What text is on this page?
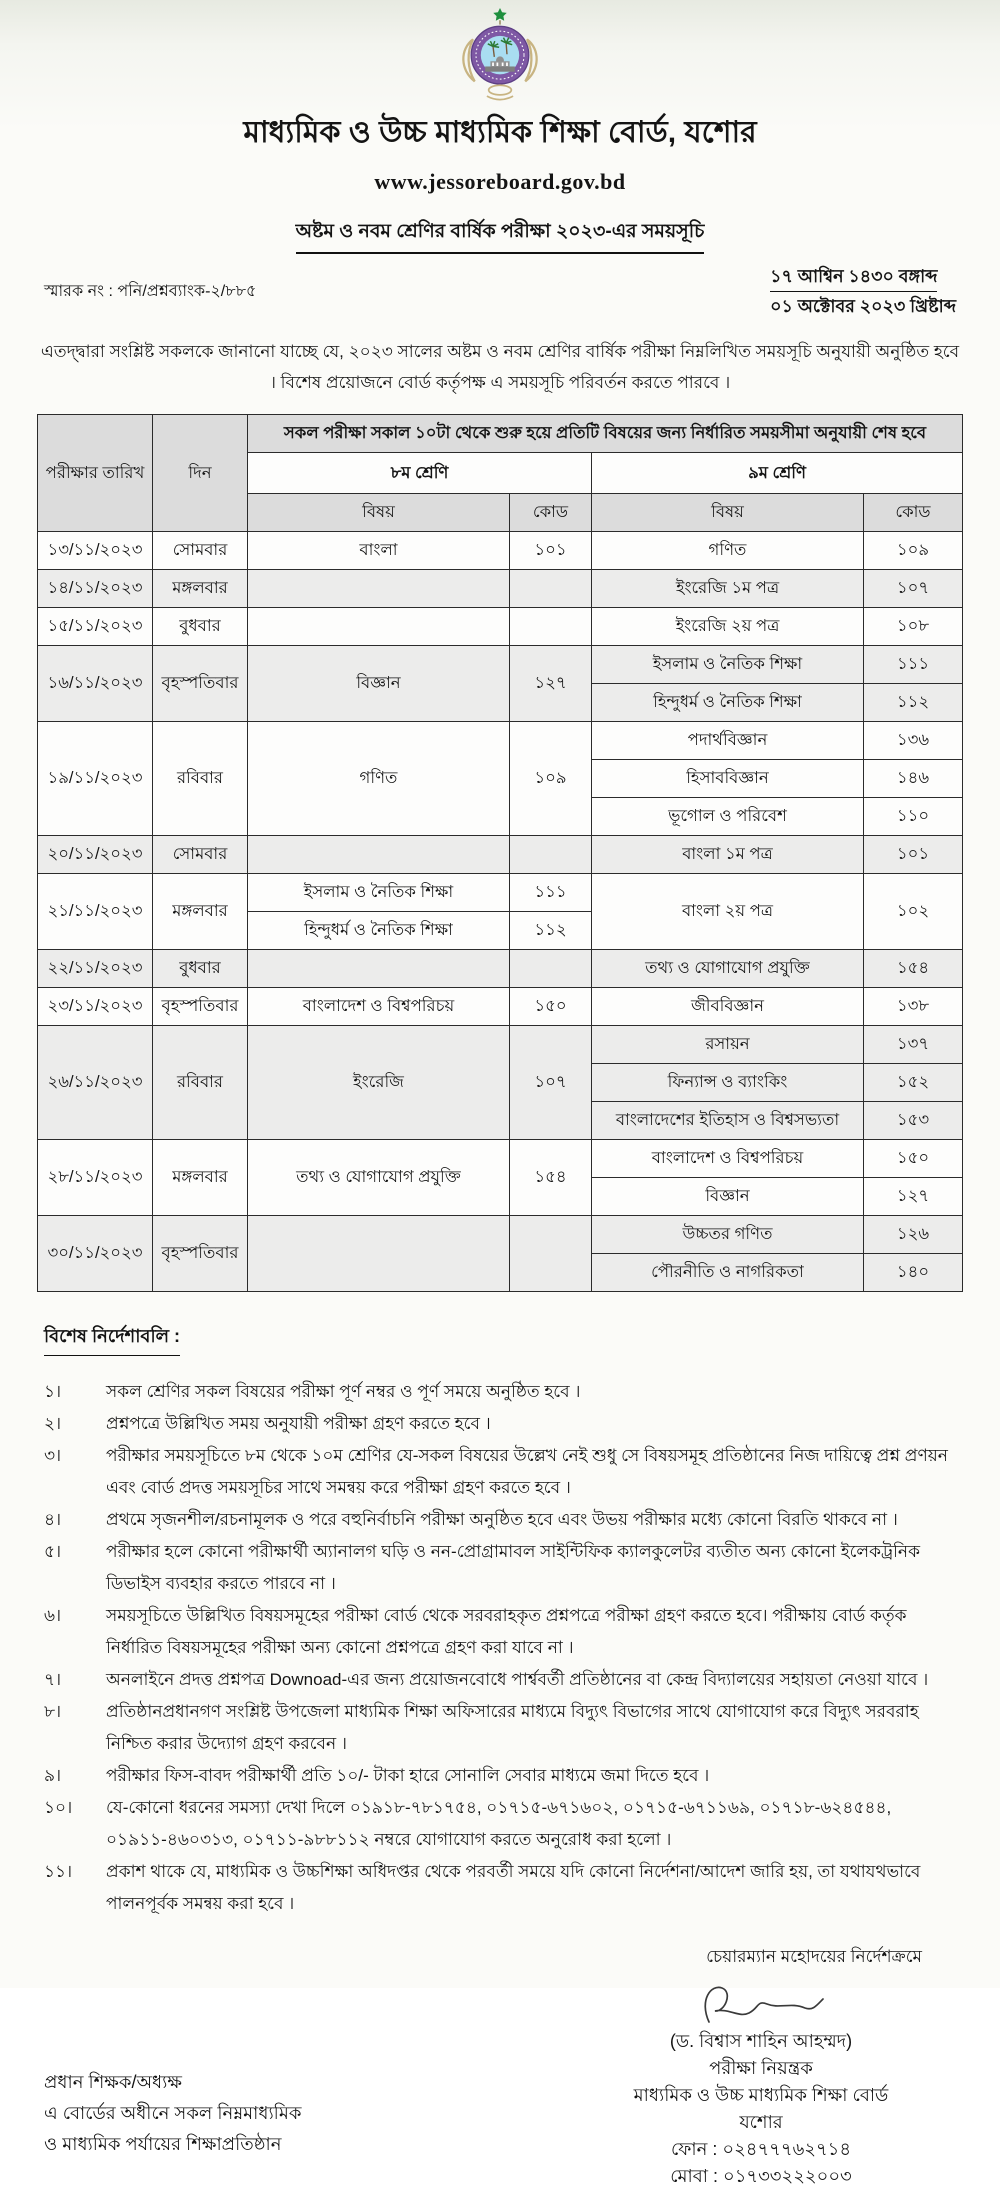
মাধ্যমিক ও উচ্চ মাধ্যমিক শিক্ষা বোর্ড, যশোর
www.jessoreboard.gov.bd
অষ্টম ও নবম শ্রেণির বার্ষিক পরীক্ষা ২০২৩-এর সময়সূচি
স্মারক নং : পনি/প্রশ্নব্যাংক-২/৮৮৫
১৭ আশ্বিন ১৪৩০ বঙ্গাব্দ
০১ অক্টোবর ২০২৩ খ্রিষ্টাব্দ
এতদ্দ্বারা সংশ্লিষ্ট সকলকে জানানো যাচ্ছে যে, ২০২৩ সালের অষ্টম ও নবম শ্রেণির বার্ষিক পরীক্ষা নিম্নলিখিত সময়সূচি অনুযায়ী অনুষ্ঠিত হবে । বিশেষ প্রয়োজনে বোর্ড কর্তৃপক্ষ এ সময়সূচি পরিবর্তন করতে পারবে ।
পরীক্ষার তারিখ	দিন	সকল পরীক্ষা সকাল ১০টা থেকে শুরু হয়ে প্রতিটি বিষয়ের জন্য নির্ধারিত সময়সীমা অনুযায়ী শেষ হবে			
		৮ম শ্রেণি		৯ম শ্রেণি	
		বিষয়	কোড	বিষয়	কোড
১৩/১১/২০২৩	সোমবার	বাংলা	১০১	গণিত	১০৯
১৪/১১/২০২৩	মঙ্গলবার			ইংরেজি ১ম পত্র	১০৭
১৫/১১/২০২৩	বুধবার			ইংরেজি ২য় পত্র	১০৮
১৬/১১/২০২৩	বৃহস্পতিবার	বিজ্ঞান	১২৭	ইসলাম ও নৈতিক শিক্ষা	১১১
				হিন্দুধর্ম ও নৈতিক শিক্ষা	১১২
১৯/১১/২০২৩	রবিবার	গণিত	১০৯	পদার্থবিজ্ঞান	১৩৬
				হিসাববিজ্ঞান	১৪৬
				ভূগোল ও পরিবেশ	১১০
২০/১১/২০২৩	সোমবার			বাংলা ১ম পত্র	১০১
২১/১১/২০২৩	মঙ্গলবার	ইসলাম ও নৈতিক শিক্ষা	১১১	বাংলা ২য় পত্র	১০২
		হিন্দুধর্ম ও নৈতিক শিক্ষা	১১২		
২২/১১/২০২৩	বুধবার			তথ্য ও যোগাযোগ প্রযুক্তি	১৫৪
২৩/১১/২০২৩	বৃহস্পতিবার	বাংলাদেশ ও বিশ্বপরিচয়	১৫০	জীববিজ্ঞান	১৩৮
২৬/১১/২০২৩	রবিবার	ইংরেজি	১০৭	রসায়ন	১৩৭
				ফিন্যান্স ও ব্যাংকিং	১৫২
				বাংলাদেশের ইতিহাস ও বিশ্বসভ্যতা	১৫৩
২৮/১১/২০২৩	মঙ্গলবার	তথ্য ও যোগাযোগ প্রযুক্তি	১৫৪	বাংলাদেশ ও বিশ্বপরিচয়	১৫০
				বিজ্ঞান	১২৭
৩০/১১/২০২৩	বৃহস্পতিবার			উচ্চতর গণিত	১২৬
				পৌরনীতি ও নাগরিকতা	১৪০
বিশেষ নির্দেশাবলি :
১।	সকল শ্রেণির সকল বিষয়ের পরীক্ষা পূর্ণ নম্বর ও পূর্ণ সময়ে অনুষ্ঠিত হবে ।
২।	প্রশ্নপত্রে উল্লিখিত সময় অনুযায়ী পরীক্ষা গ্রহণ করতে হবে ।
৩।	পরীক্ষার সময়সূচিতে ৮ম থেকে ১০ম শ্রেণির যে-সকল বিষয়ের উল্লেখ নেই শুধু সে বিষয়সমূহ প্রতিষ্ঠানের নিজ দায়িত্বে প্রশ্ন প্রণয়ন এবং বোর্ড প্রদত্ত সময়সূচির সাথে সমন্বয় করে পরীক্ষা গ্রহণ করতে হবে ।
৪।	প্রথমে সৃজনশীল/রচনামূলক ও পরে বহুনির্বাচনি পরীক্ষা অনুষ্ঠিত হবে এবং উভয় পরীক্ষার মধ্যে কোনো বিরতি থাকবে না ।
৫।	পরীক্ষার হলে কোনো পরীক্ষার্থী অ্যানালগ ঘড়ি ও নন-প্রোগ্রামাবল সাইন্টিফিক ক্যালকুলেটর ব্যতীত অন্য কোনো ইলেকট্রনিক ডিভাইস ব্যবহার করতে পারবে না ।
৬।	সময়সূচিতে উল্লিখিত বিষয়সমূহের পরীক্ষা বোর্ড থেকে সরবরাহকৃত প্রশ্নপত্রে পরীক্ষা গ্রহণ করতে হবে। পরীক্ষায় বোর্ড কর্তৃক নির্ধারিত বিষয়সমূহের পরীক্ষা অন্য কোনো প্রশ্নপত্রে গ্রহণ করা যাবে না ।
৭।	অনলাইনে প্রদত্ত প্রশ্নপত্র Downoad-এর জন্য প্রয়োজনবোধে পার্শ্ববর্তী প্রতিষ্ঠানের বা কেন্দ্র বিদ্যালয়ের সহায়তা নেওয়া যাবে ।
৮।	প্রতিষ্ঠানপ্রধানগণ সংশ্লিষ্ট উপজেলা মাধ্যমিক শিক্ষা অফিসারের মাধ্যমে বিদ্যুৎ বিভাগের সাথে যোগাযোগ করে বিদ্যুৎ সরবরাহ নিশ্চিত করার উদ্যোগ গ্রহণ করবেন ।
৯।	পরীক্ষার ফিস-বাবদ পরীক্ষার্থী প্রতি ১০/- টাকা হারে সোনালি সেবার মাধ্যমে জমা দিতে হবে ।
১০।	যে-কোনো ধরনের সমস্যা দেখা দিলে ০১৯১৮-৭৮১৭৫৪, ০১৭১৫-৬৭১৬০২, ০১৭১৫-৬৭১১৬৯, ০১৭১৮-৬২৪৫৪৪, ০১৯১১-৪৬০৩১৩, ০১৭১১-৯৮৮১১২ নম্বরে যোগাযোগ করতে অনুরোধ করা হলো ।
১১।	প্রকাশ থাকে যে, মাধ্যমিক ও উচ্চশিক্ষা অধিদপ্তর থেকে পরবর্তী সময়ে যদি কোনো নির্দেশনা/আদেশ জারি হয়, তা যথাযথভাবে পালনপূর্বক সমন্বয় করা হবে ।
চেয়ারম্যান মহোদয়ের নির্দেশক্রমে
প্রধান শিক্ষক/অধ্যক্ষ
এ বোর্ডের অধীনে সকল নিম্নমাধ্যমিক
ও মাধ্যমিক পর্যায়ের শিক্ষাপ্রতিষ্ঠান
(ড. বিশ্বাস শাহিন আহম্মদ)
পরীক্ষা নিয়ন্ত্রক
মাধ্যমিক ও উচ্চ মাধ্যমিক শিক্ষা বোর্ড
যশোর
ফোন : ০২৪৭৭৭৬২৭১৪
মোবা : ০১৭৩৩২২২০০৩
